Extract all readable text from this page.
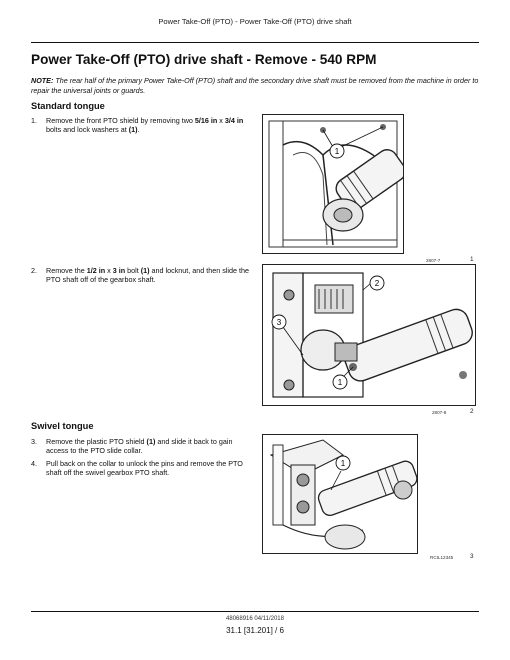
Power Take-Off (PTO) - Power Take-Off (PTO) drive shaft
Power Take-Off (PTO) drive shaft - Remove - 540 RPM
NOTE: The rear half of the primary Power Take-Off (PTO) shaft and the secondary drive shaft must be removed from the machine in order to repair the universal joints or guards.
Standard tongue
1. Remove the front PTO shield by removing two 5/16 in x 3/4 in bolts and lock washers at (1).
1
2807-7	1
2. Remove the 1/2 in x 3 in bolt (1) and locknut, and then slide the PTO shaft off of the gearbox shaft.	2
3
1
2807-8	2
Swivel tongue
3. Remove the plastic PTO shield (1) and slide it back to gain access to the PTO slide collar.
4. Pull back on the collar to unlock the pins and remove the PTO shaft off the swivel gearbox PTO shaft.
1
RCIL12345	3
48068916 04/11/2018
31.1 [31.201] / 6
